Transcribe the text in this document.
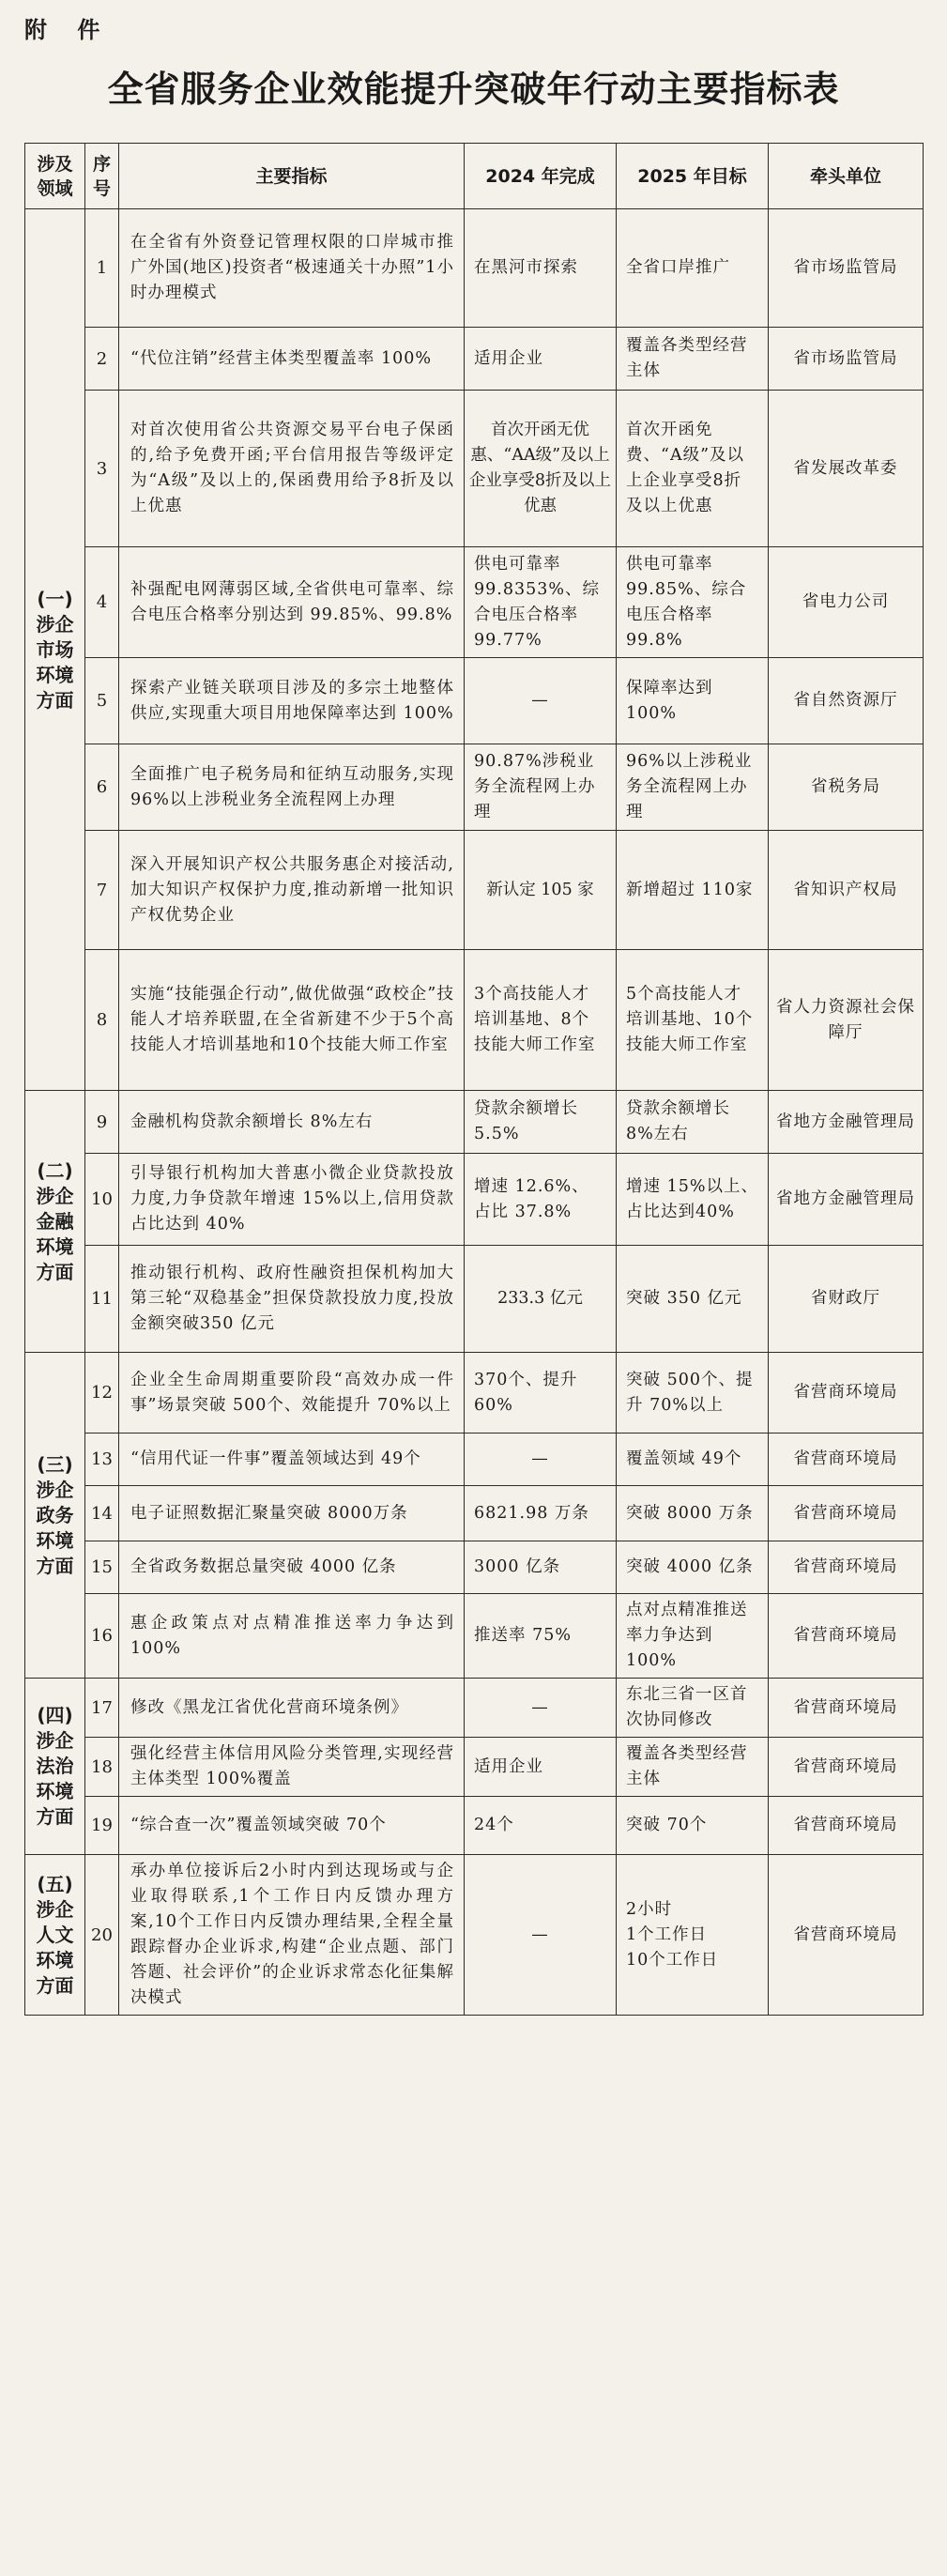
附 件
全省服务企业效能提升突破年行动主要指标表
涉及领域	序号	主要指标	2024 年完成	2025 年目标	牵头单位
(一)涉企市场环境方面	1	在全省有外资登记管理权限的口岸城市推广外国(地区)投资者“极速通关十办照”1小时办理模式	在黑河市探索	全省口岸推广	省市场监管局
	2	“代位注销”经营主体类型覆盖率 100%	适用企业	覆盖各类型经营主体	省市场监管局
	3	对首次使用省公共资源交易平台电子保函的,给予免费开函;平台信用报告等级评定为“A级”及以上的,保函费用给予8折及以上优惠	首次开函无优惠、“AA级”及以上企业享受8折及以上优惠	首次开函免费、“A级”及以上企业享受8折及以上优惠	省发展改革委
	4	补强配电网薄弱区域,全省供电可靠率、综合电压合格率分别达到 99.85%、99.8%	供电可靠率99.8353%、综合电压合格率 99.77%	供电可靠率99.85%、综合电压合格率 99.8%	省电力公司
	5	探索产业链关联项目涉及的多宗土地整体供应,实现重大项目用地保障率达到 100%	—	保障率达到100%	省自然资源厅
	6	全面推广电子税务局和征纳互动服务,实现 96%以上涉税业务全流程网上办理	90.87%涉税业务全流程网上办理	96%以上涉税业务全流程网上办理	省税务局
	7	深入开展知识产权公共服务惠企对接活动,加大知识产权保护力度,推动新增一批知识产权优势企业	新认定 105 家	新增超过 110家	省知识产权局
	8	实施“技能强企行动”,做优做强“政校企”技能人才培养联盟,在全省新建不少于5个高技能人才培训基地和10个技能大师工作室	3个高技能人才培训基地、8个技能大师工作室	5个高技能人才培训基地、10个技能大师工作室	省人力资源社会保障厅
(二)涉企金融环境方面	9	金融机构贷款余额增长 8%左右	贷款余额增长 5.5%	贷款余额增长 8%左右	省地方金融管理局
	10	引导银行机构加大普惠小微企业贷款投放力度,力争贷款年增速 15%以上,信用贷款占比达到 40%	增速 12.6%、占比 37.8%	增速 15%以上、占比达到40%	省地方金融管理局
	11	推动银行机构、政府性融资担保机构加大第三轮“双稳基金”担保贷款投放力度,投放金额突破350 亿元	233.3 亿元	突破 350 亿元	省财政厅
(三)涉企政务环境方面	12	企业全生命周期重要阶段“高效办成一件事”场景突破 500个、效能提升 70%以上	370个、提升60%	突破 500个、提升 70%以上	省营商环境局
	13	“信用代证一件事”覆盖领域达到 49个	—	覆盖领域 49个	省营商环境局
	14	电子证照数据汇聚量突破 8000万条	6821.98 万条	突破 8000 万条	省营商环境局
	15	全省政务数据总量突破 4000 亿条	3000 亿条	突破 4000 亿条	省营商环境局
	16	惠企政策点对点精准推送率力争达到 100%	推送率 75%	点对点精准推送率力争达到 100%	省营商环境局
(四)涉企法治环境方面	17	修改《黑龙江省优化营商环境条例》	—	东北三省一区首次协同修改	省营商环境局
	18	强化经营主体信用风险分类管理,实现经营主体类型 100%覆盖	适用企业	覆盖各类型经营主体	省营商环境局
	19	“综合查一次”覆盖领域突破 70个	24个	突破 70个	省营商环境局
(五)涉企人文环境方面	20	承办单位接诉后2小时内到达现场或与企业取得联系,1个工作日内反馈办理方案,10个工作日内反馈办理结果,全程全量跟踪督办企业诉求,构建“企业点题、部门答题、社会评价”的企业诉求常态化征集解决模式	—	2小时
1个工作日
10个工作日	省营商环境局
